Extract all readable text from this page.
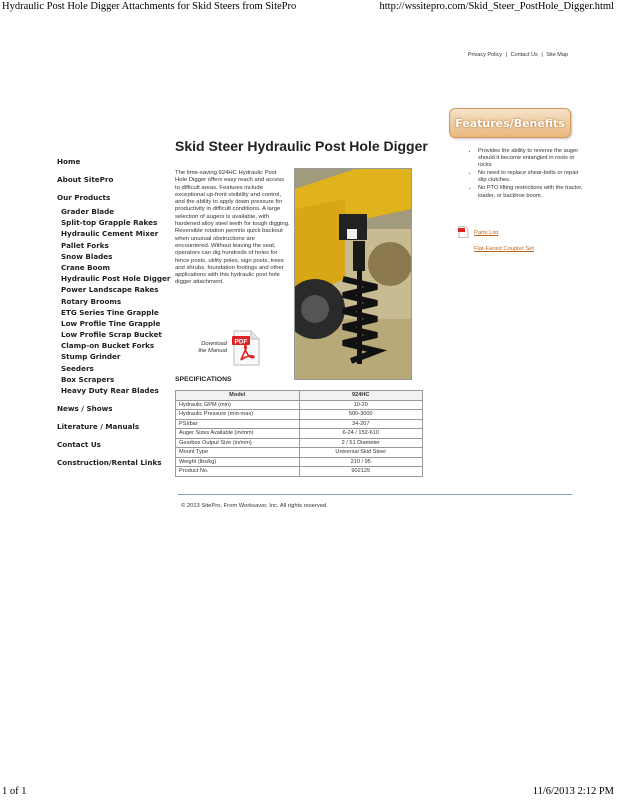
Hydraulic Post Hole Digger Attachments for Skid Steers from SitePro	http://wssitepro.com/Skid_Steer_PostHole_Digger.html
Privacy Policy | Contact Us | Site Map
Features/Benefits
Skid Steer Hydraulic Post Hole Digger
Home
About SitePro
Our Products
Grader Blade
Split-top Grapple Rakes
Hydraulic Cement Mixer
Pallet Forks
Snow Blades
Crane Boom
Hydraulic Post Hole Digger
Power Landscape Rakes
Rotary Brooms
ETG Series Tine Grapple
Low Profile Tine Grapple
Low Profile Scrap Bucket
Clamp-on Bucket Forks
Stump Grinder
Seeders
Box Scrapers
Heavy Duty Rear Blades
News / Shows
Literature / Manuals
Contact Us
Construction/Rental Links
The time-saving 924HC Hydraulic Post Hole Digger offers easy reach and access to difficult areas. Features include exceptional up-front visibility and control, and the ability to apply down pressure for productivity in difficult conditions. A large selection of augers is available, with hardened alloy steel teeth for tough digging. Reversible rotation permits quick backout when unusual obstructions are encountered. Without leaving the seat, operators can dig hundreds of holes for fence posts, utility poles, sign posts, trees and shrubs, foundation footings and other applications with this hydraulic post hole digger attachment.
Download
the Manual
PDF
SPECIFICATIONS
Model	924HC
Hydraulic GPM (min)	10-20
Hydraulic Pressure (min-max)	500-3000
PSI/bar	34-207
Auger Sizes Available (in/mm)	6-24 / 152-610
Gearbox Output Size (in/mm)	2 / 51 Diameter
Mount Type	Universal Skid Steer
Weight (lbs/kg)	210 / 95
Product No.	902125
© 2013 SitePro, From Worksaver, Inc. All rights reserved.
• Provides the ability to reverse the auger should it become entangled in roots or rocks
• No need to replace shear-bolts or repair slip clutches.
• No PTO lifting restrictions with the tractor, loader, or backhoe boom.
Parts List
Flat-Faced Coupler Set
1 of 1	11/6/2013 2:12 PM
